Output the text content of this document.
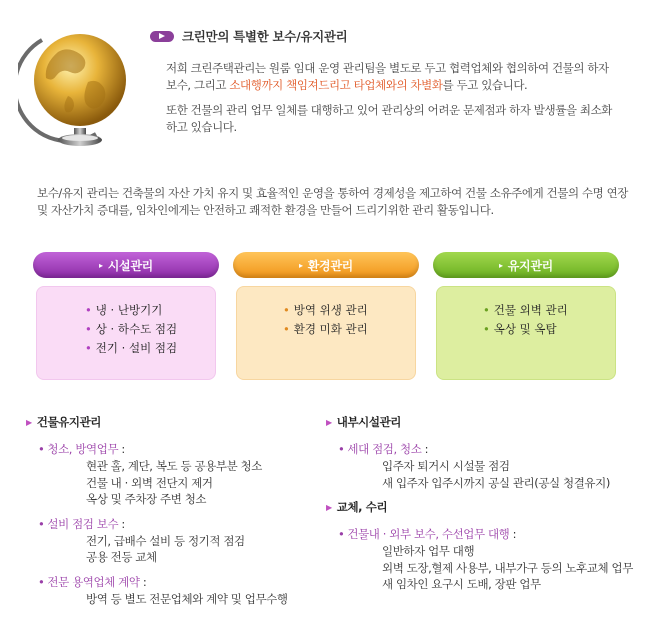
크린만의 특별한 보수/유지관리

저희 크린주택관리는 원룸 임대 운영 관리팀을 별도로 두고 협력업체와 협의하여 건물의 하자보수, 그리고 소대행까지 책임져드리고 타업체와의 차별화를 두고 있습니다.

또한 건물의 관리 업무 일체를 대행하고 있어 관리상의 어려운 문제점과 하자 발생률을 최소화하고 있습니다.

보수/유지 관리는 건축물의 자산 가치 유지 및 효율적인 운영을 통하여 경제성을 제고하여 건물 소유주에게 건물의 수명 연장 및 자산가치 증대를, 임차인에게는 안전하고 쾌적한 환경을 만들어 드리기위한 관리 활동입니다.
▸ 시설관리
• 냉 · 난방기기
• 상 · 하수도 점검
• 전기 · 설비 점검
▸ 환경관리
• 방역 위생 관리
• 환경 미화 관리
▸ 유지관리
• 건물 외벽 관리
• 옥상 및 옥탑
▶ 건물유지관리
• 청소, 방역업무 :
현관 홀, 계단, 복도 등 공용부분 청소
건물 내 · 외벽 전단지 제거
옥상 및 주차장 주변 청소
• 설비 점검 보수 :
전기, 급배수 설비 등 정기적 점검
공용 전등 교체
• 전문 용역업체 계약 :
방역 등 별도 전문업체와 계약 및 업무수행
▶ 내부시설관리
• 세대 점검, 청소 :
입주자 퇴거시 시설물 점검
새 입주자 입주시까지 공실 관리(공실 청결유지)
▶ 교체, 수리
• 건물내 · 외부 보수, 수선업무 대행 :
일반하자 업무 대행
외벽 도장,혈제 사용부, 내부가구 등의 노후교체 업무
새 임차인 요구시 도배, 장판 업무
